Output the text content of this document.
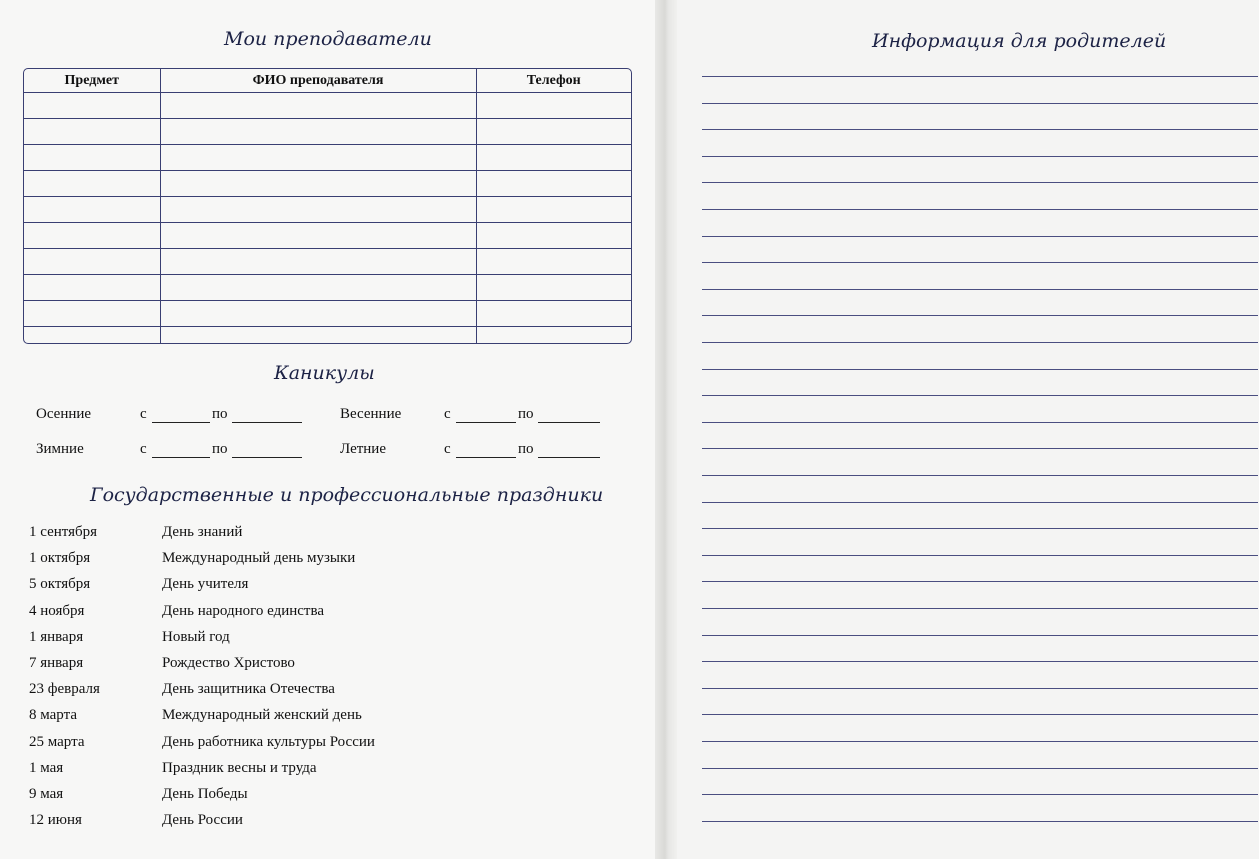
Мои преподаватели
Предмет	ФИО преподавателя	Телефон

Каникулы
Осенние	с	по	Весенние	с	по
Зимние	с	по	Летние	с	по
Государственные и профессиональные праздники
1 сентября	День знаний
1 октября	Международный день музыки
5 октября	День учителя
4 ноября	День народного единства
1 января	Новый год
7 января	Рождество Христово
23 февраля	День защитника Отечества
8 марта	Международный женский день
25 марта	День работника культуры России
1 мая	Праздник весны и труда
9 мая	День Победы
12 июня	День России
Информация для родителей
